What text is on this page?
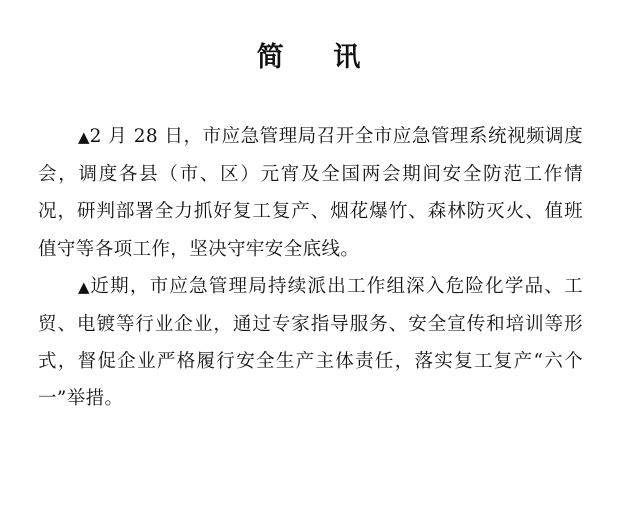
简 讯

▲2 月 28 日，市应急管理局召开全市应急管理系统视频调度会，调度各县（市、区）元宵及全国两会期间安全防范工作情况，研判部署全力抓好复工复产、烟花爆竹、森林防灭火、值班值守等各项工作，坚决守牢安全底线。

▲近期，市应急管理局持续派出工作组深入危险化学品、工贸、电镀等行业企业，通过专家指导服务、安全宣传和培训等形式，督促企业严格履行安全生产主体责任，落实复工复产“六个一”举措。
